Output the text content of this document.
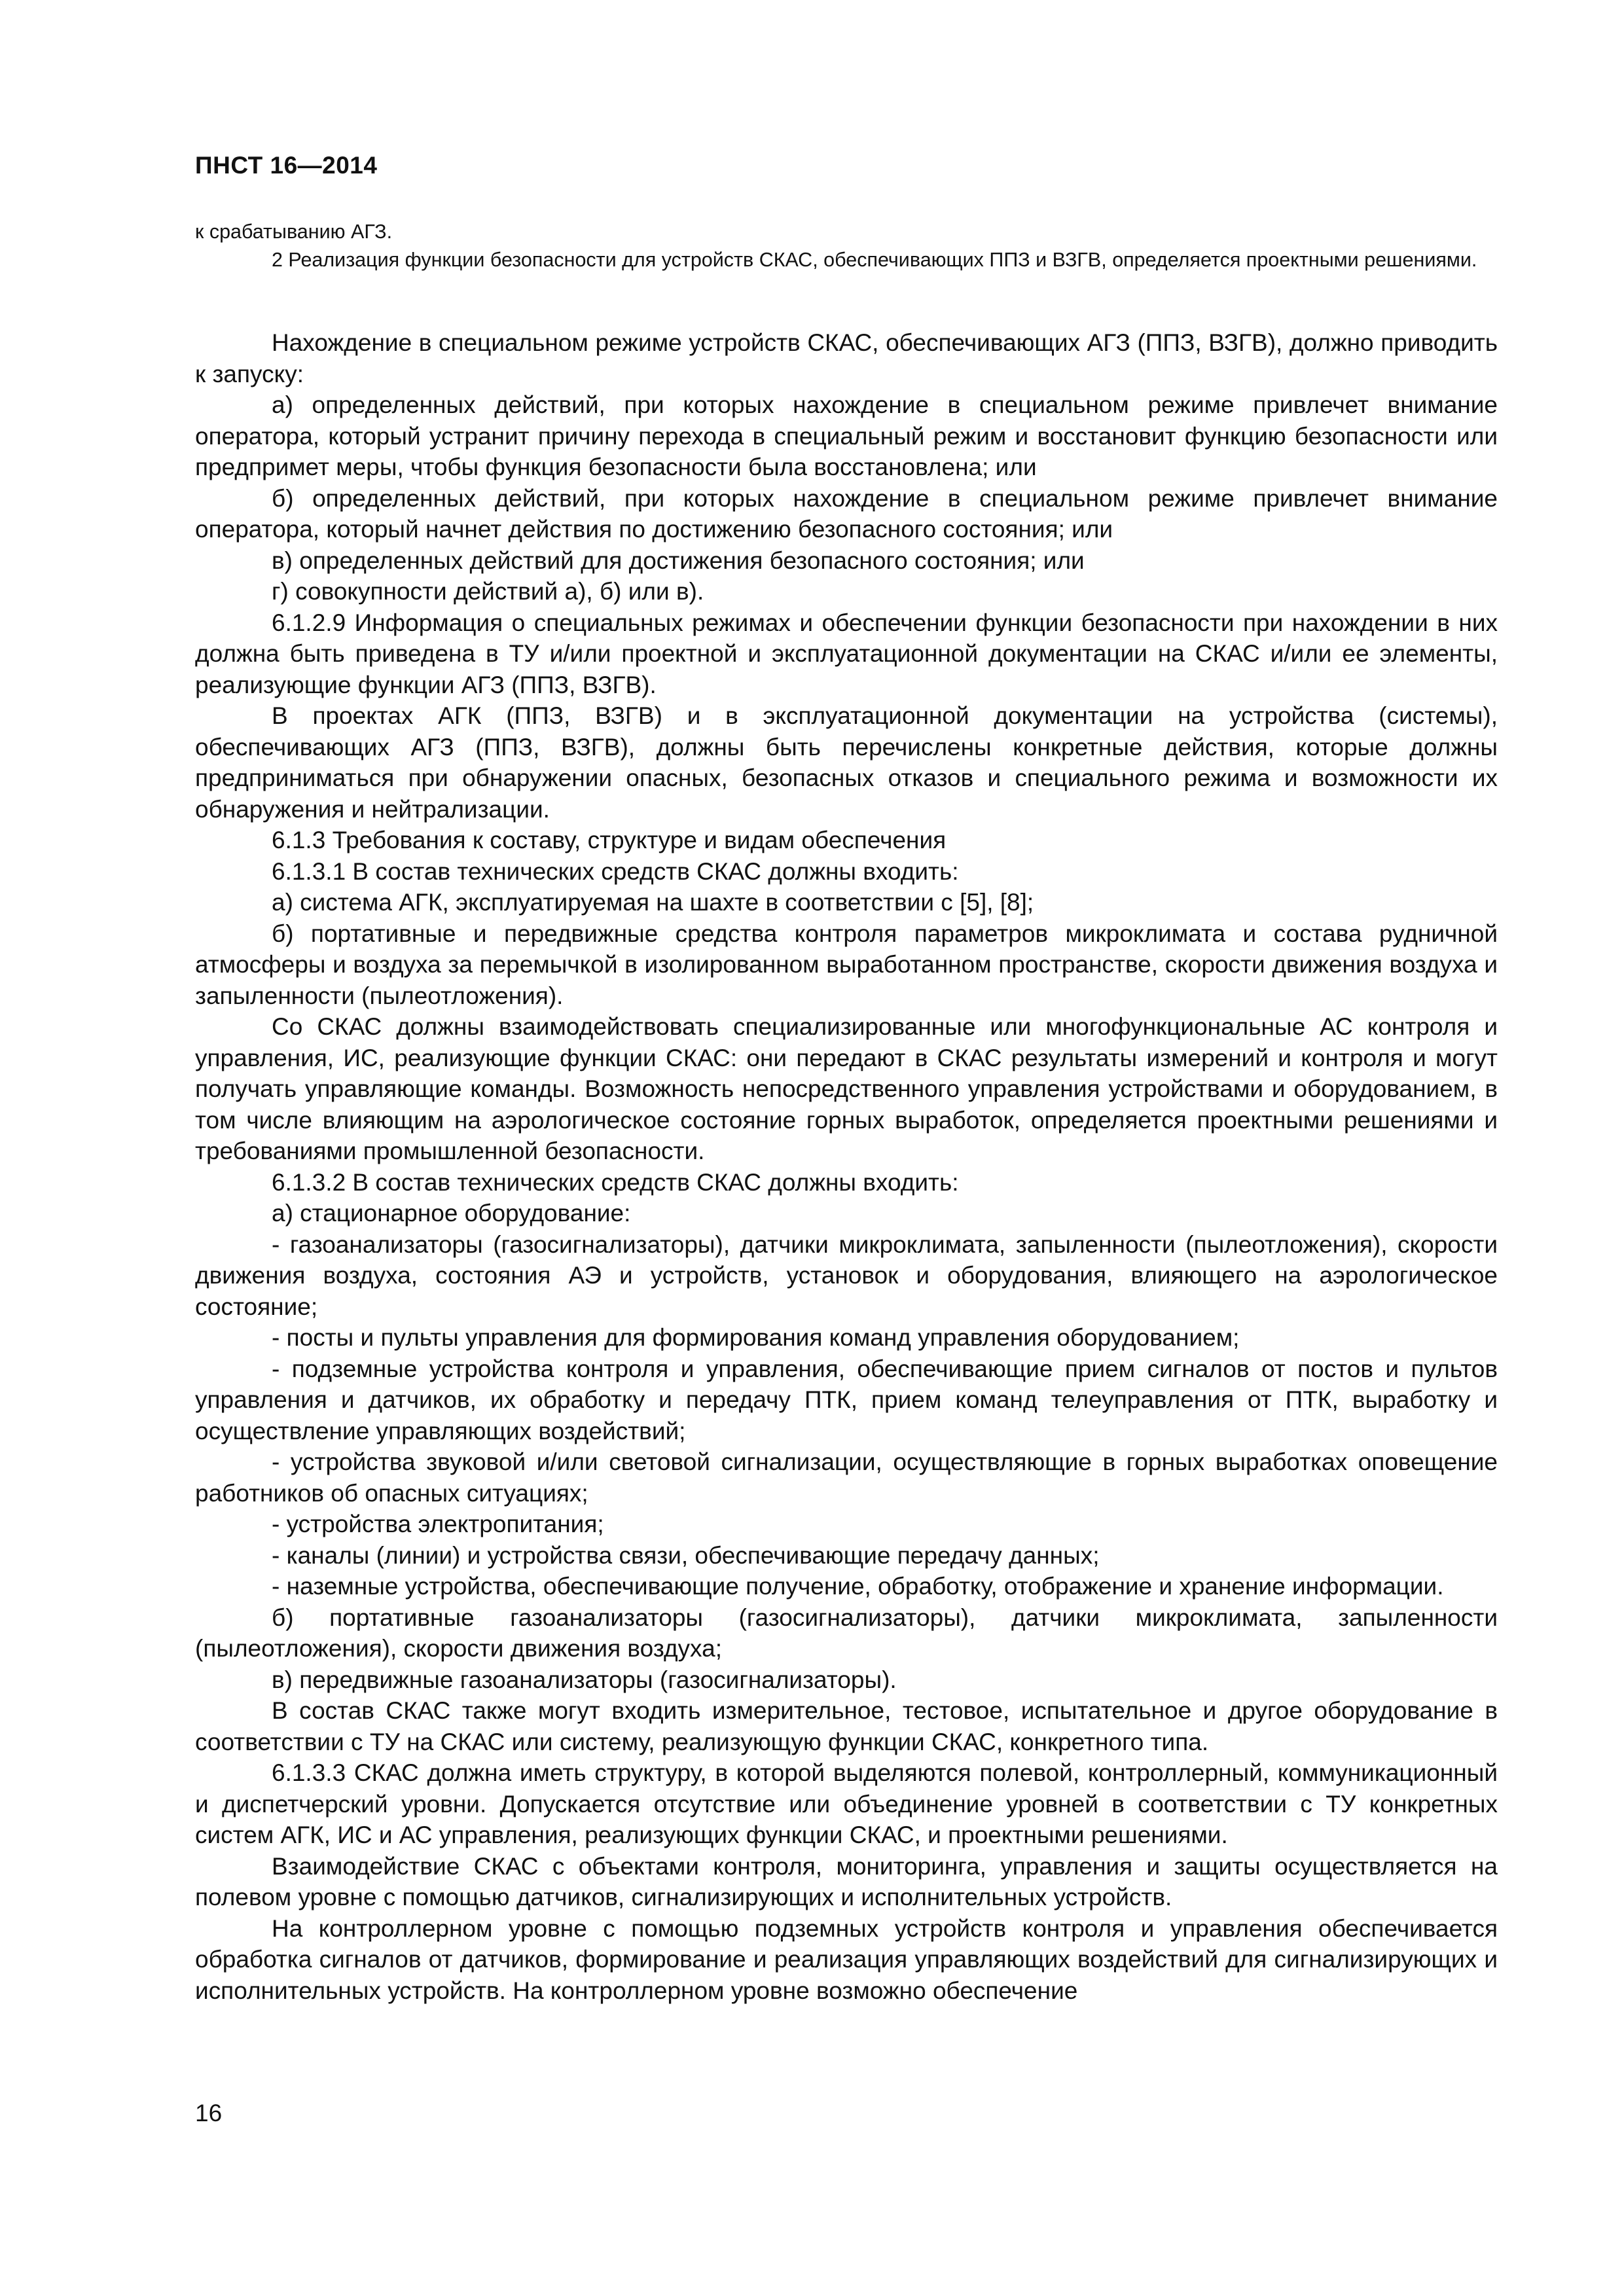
ПНСТ 16—2014

к срабатыванию АГЗ.

2 Реализация функции безопасности для устройств СКАС, обеспечивающих ППЗ и ВЗГВ, определяется проектными решениями.

Нахождение в специальном режиме устройств СКАС, обеспечивающих АГЗ (ППЗ, ВЗГВ), должно приводить к запуску:

а) определенных действий, при которых нахождение в специальном режиме привлечет внимание оператора, который устранит причину перехода в специальный режим и восстановит функцию безопасности или предпримет меры, чтобы функция безопасности была восстановлена; или

б) определенных действий, при которых нахождение в специальном режиме привлечет внимание оператора, который начнет действия по достижению безопасного состояния; или

в) определенных действий для достижения безопасного состояния; или

г) совокупности действий а), б) или в).

6.1.2.9 Информация о специальных режимах и обеспечении функции безопасности при нахождении в них должна быть приведена в ТУ и/или проектной и эксплуатационной документации на СКАС и/или ее элементы, реализующие функции АГЗ (ППЗ, ВЗГВ).

В проектах АГК (ППЗ, ВЗГВ) и в эксплуатационной документации на устройства (системы), обеспечивающих АГЗ (ППЗ, ВЗГВ), должны быть перечислены конкретные действия, которые должны предприниматься при обнаружении опасных, безопасных отказов и специального режима и возможности их обнаружения и нейтрализации.

6.1.3 Требования к составу, структуре и видам обеспечения

6.1.3.1 В состав технических средств СКАС должны входить:

а) система АГК, эксплуатируемая на шахте в соответствии с [5], [8];

б) портативные и передвижные средства контроля параметров микроклимата и состава рудничной атмосферы и воздуха за перемычкой в изолированном выработанном пространстве, скорости движения воздуха и запыленности (пылеотложения).

Со СКАС должны взаимодействовать специализированные или многофункциональные АС контроля и управления, ИС, реализующие функции СКАС: они передают в СКАС результаты измерений и контроля и могут получать управляющие команды. Возможность непосредственного управления устройствами и оборудованием, в том числе влияющим на аэрологическое состояние горных выработок, определяется проектными решениями и требованиями промышленной безопасности.

6.1.3.2 В состав технических средств СКАС должны входить:

а) стационарное оборудование:

- газоанализаторы (газосигнализаторы), датчики микроклимата, запыленности (пылеотложения), скорости движения воздуха, состояния АЭ и устройств, установок и оборудования, влияющего на аэрологическое состояние;

- посты и пульты управления для формирования команд управления оборудованием;

- подземные устройства контроля и управления, обеспечивающие прием сигналов от постов и пультов управления и датчиков, их обработку и передачу ПТК, прием команд телеуправления от ПТК, выработку и осуществление управляющих воздействий;

- устройства звуковой и/или световой сигнализации, осуществляющие в горных выработках оповещение работников об опасных ситуациях;

- устройства электропитания;

- каналы (линии) и устройства связи, обеспечивающие передачу данных;

- наземные устройства, обеспечивающие получение, обработку, отображение и хранение информации.

б) портативные газоанализаторы (газосигнализаторы), датчики микроклимата, запыленности (пылеотложения), скорости движения воздуха;

в) передвижные газоанализаторы (газосигнализаторы).

В состав СКАС также могут входить измерительное, тестовое, испытательное и другое оборудование в соответствии с ТУ на СКАС или систему, реализующую функции СКАС, конкретного типа.

6.1.3.3 СКАС должна иметь структуру, в которой выделяются полевой, контроллерный, коммуникационный и диспетчерский уровни. Допускается отсутствие или объединение уровней в соответствии с ТУ конкретных систем АГК, ИС и АС управления, реализующих функции СКАС, и проектными решениями.

Взаимодействие СКАС с объектами контроля, мониторинга, управления и защиты осуществляется на полевом уровне с помощью датчиков, сигнализирующих и исполнительных устройств.

На контроллерном уровне с помощью подземных устройств контроля и управления обеспечивается обработка сигналов от датчиков, формирование и реализация управляющих воздействий для сигнализирующих и исполнительных устройств. На контроллерном уровне возможно обеспечение

16
